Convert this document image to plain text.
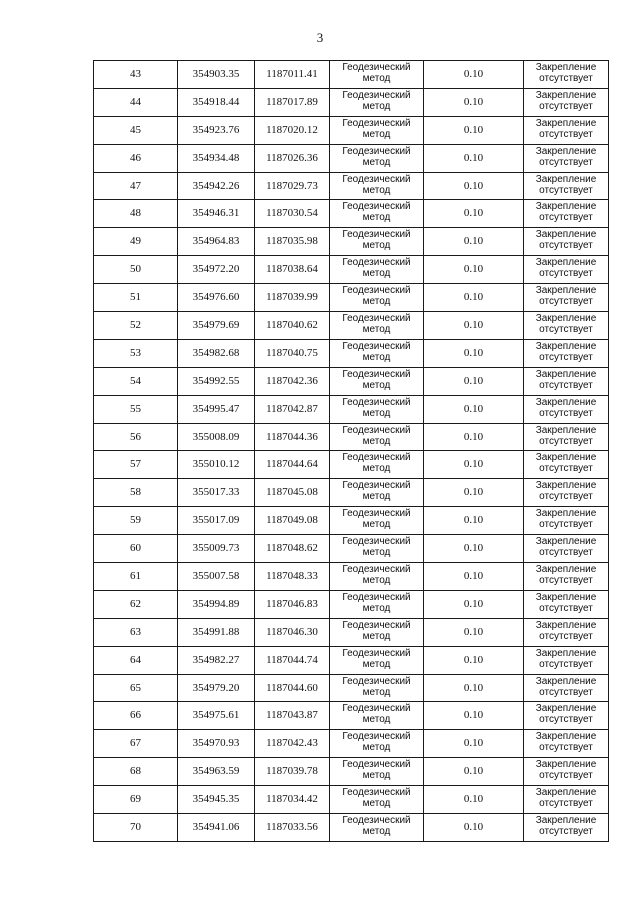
3
43	354903.35	1187011.41	Геодезический
метод	0.10	Закрепление
отсутствует

44	354918.44	1187017.89	Геодезический
метод	0.10	Закрепление
отсутствует

45	354923.76	1187020.12	Геодезический
метод	0.10	Закрепление
отсутствует

46	354934.48	1187026.36	Геодезический
метод	0.10	Закрепление
отсутствует

47	354942.26	1187029.73	Геодезический
метод	0.10	Закрепление
отсутствует

48	354946.31	1187030.54	Геодезический
метод	0.10	Закрепление
отсутствует

49	354964.83	1187035.98	Геодезический
метод	0.10	Закрепление
отсутствует

50	354972.20	1187038.64	Геодезический
метод	0.10	Закрепление
отсутствует

51	354976.60	1187039.99	Геодезический
метод	0.10	Закрепление
отсутствует

52	354979.69	1187040.62	Геодезический
метод	0.10	Закрепление
отсутствует

53	354982.68	1187040.75	Геодезический
метод	0.10	Закрепление
отсутствует

54	354992.55	1187042.36	Геодезический
метод	0.10	Закрепление
отсутствует

55	354995.47	1187042.87	Геодезический
метод	0.10	Закрепление
отсутствует

56	355008.09	1187044.36	Геодезический
метод	0.10	Закрепление
отсутствует

57	355010.12	1187044.64	Геодезический
метод	0.10	Закрепление
отсутствует

58	355017.33	1187045.08	Геодезический
метод	0.10	Закрепление
отсутствует

59	355017.09	1187049.08	Геодезический
метод	0.10	Закрепление
отсутствует

60	355009.73	1187048.62	Геодезический
метод	0.10	Закрепление
отсутствует

61	355007.58	1187048.33	Геодезический
метод	0.10	Закрепление
отсутствует

62	354994.89	1187046.83	Геодезический
метод	0.10	Закрепление
отсутствует

63	354991.88	1187046.30	Геодезический
метод	0.10	Закрепление
отсутствует

64	354982.27	1187044.74	Геодезический
метод	0.10	Закрепление
отсутствует

65	354979.20	1187044.60	Геодезический
метод	0.10	Закрепление
отсутствует

66	354975.61	1187043.87	Геодезический
метод	0.10	Закрепление
отсутствует

67	354970.93	1187042.43	Геодезический
метод	0.10	Закрепление
отсутствует

68	354963.59	1187039.78	Геодезический
метод	0.10	Закрепление
отсутствует

69	354945.35	1187034.42	Геодезический
метод	0.10	Закрепление
отсутствует

70	354941.06	1187033.56	Геодезический
метод	0.10	Закрепление
отсутствует
